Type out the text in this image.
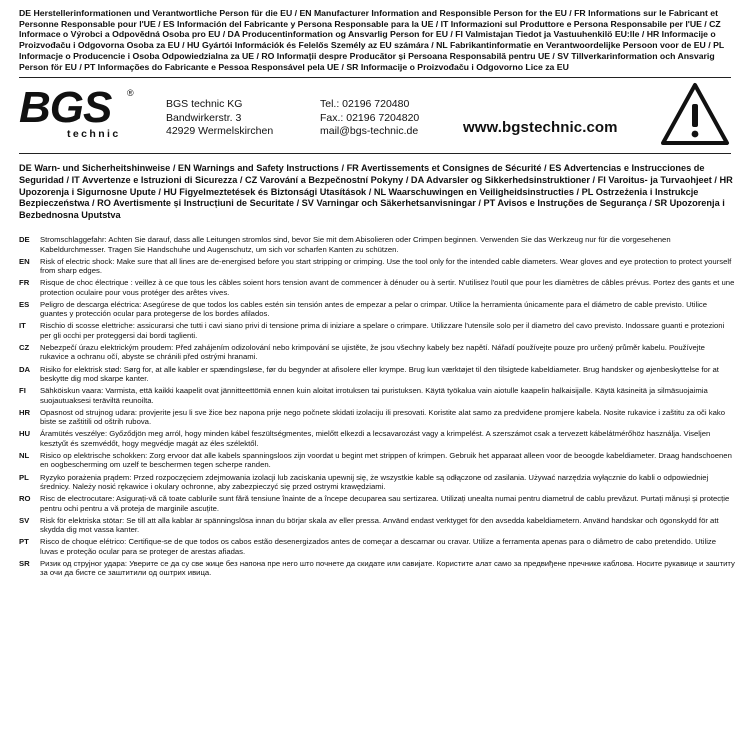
DE Herstellerinformationen und Verantwortliche Person für die EU / EN Manufacturer Information and Responsible Person for the EU / FR Informations sur le Fabricant et Personne Responsable pour l'UE / ES Información del Fabricante y Persona Responsable para la UE / IT Informazioni sul Produttore e Persona Responsabile per l'UE / CZ Informace o Výrobci a Odpovědná Osoba pro EU / DA Producentinformation og Ansvarlig Person for EU / FI Valmistajan Tiedot ja Vastuuhenkilö EU:lle / HR Informacije o Proizvođaču i Odgovorna Osoba za EU / HU Gyártói Információk és Felelős Személy az EU számára / NL Fabrikantinformatie en Verantwoordelijke Persoon voor de EU / PL Informacje o Producencie i Osoba Odpowiedzialna za UE / RO Informații despre Producător și Persoana Responsabilă pentru UE / SV Tillverkarinformation och Ansvarig Person för EU / PT Informações do Fabricante e Pessoa Responsável pela UE / SR Informacije o Proizvođaču i Odgovorno Lice za EU
BGS ®
technic
BGS technic KG
Bandwirkerstr. 3
42929 Wermelskirchen
Tel.: 02196 720480
Fax.: 02196 7204820
mail@bgs-technic.de	www.bgstechnic.com
DE Warn- und Sicherheitshinweise / EN Warnings and Safety Instructions / FR Avertissements et Consignes de Sécurité / ES Advertencias e Instrucciones de Seguridad / IT Avvertenze e Istruzioni di Sicurezza / CZ Varování a Bezpečnostní Pokyny / DA Advarsler og Sikkerhedsinstruktioner / FI Varoitus- ja Turvaohjeet / HR Upozorenja i Sigurnosne Upute / HU Figyelmeztetések és Biztonsági Utasítások / NL Waarschuwingen en Veiligheidsinstructies / PL Ostrzeżenia i Instrukcje Bezpieczeństwa / RO Avertismente și Instrucțiuni de Securitate / SV Varningar och Säkerhetsanvisningar / PT Avisos e Instruções de Segurança / SR Upozorenja i Bezbednosna Uputstva
DE	Stromschlaggefahr: Achten Sie darauf, dass alle Leitungen stromlos sind, bevor Sie mit dem Abisolieren oder Crimpen beginnen. Verwenden Sie das Werkzeug nur für die vorgesehenen Kabeldurchmesser. Tragen Sie Handschuhe und Augenschutz, um sich vor scharfen Kanten zu schützen.
EN	Risk of electric shock: Make sure that all lines are de-energised before you start stripping or crimping. Use the tool only for the intended cable diameters. Wear gloves and eye protection to protect yourself from sharp edges.
FR	Risque de choc électrique : veillez à ce que tous les câbles soient hors tension avant de commencer à dénuder ou à sertir. N'utilisez l'outil que pour les diamètres de câbles prévus. Portez des gants et une protection oculaire pour vous protéger des arêtes vives.
ES	Peligro de descarga eléctrica: Asegúrese de que todos los cables estén sin tensión antes de empezar a pelar o crimpar. Utilice la herramienta únicamente para el diámetro de cable previsto. Utilice guantes y protección ocular para protegerse de los bordes afilados.
IT	Rischio di scosse elettriche: assicurarsi che tutti i cavi siano privi di tensione prima di iniziare a spelare o crimpare. Utilizzare l'utensile solo per il diametro del cavo previsto. Indossare guanti e protezioni per gli occhi per proteggersi dai bordi taglienti.
CZ	Nebezpečí úrazu elektrickým proudem: Před zahájením odizolování nebo krimpování se ujistěte, že jsou všechny kabely bez napětí. Nářadí používejte pouze pro určený průměr kabelu. Používejte rukavice a ochranu očí, abyste se chránili před ostrými hranami.
DA	Risiko for elektrisk stød: Sørg for, at alle kabler er spændingsløse, før du begynder at afisolere eller krympe. Brug kun værktøjet til den tilsigtede kabeldiameter. Brug handsker og øjenbeskyttelse for at beskytte dig mod skarpe kanter.
FI	Sähköiskun vaara: Varmista, että kaikki kaapelit ovat jännitteettömiä ennen kuin aloitat irrotuksen tai puristuksen. Käytä työkalua vain aiotulle kaapelin halkaisijalle. Käytä käsineitä ja silmäsuojaimia suojautuaksesi teräviltä reunoilta.
HR	Opasnost od strujnog udara: provjerite jesu li sve žice bez napona prije nego počnete skidati izolaciju ili presovati. Koristite alat samo za predviđene promjere kabela. Nosite rukavice i zaštitu za oči kako biste se zaštitili od oštrih rubova.
HU	Áramütés veszélye: Győződjön meg arról, hogy minden kábel feszültségmentes, mielőtt elkezdi a lecsavarozást vagy a krimpelést. A szerszámot csak a tervezett kábelátmérőhöz használja. Viseljen kesztyűt és szemvédőt, hogy megvédje magát az éles szélektől.
NL	Risico op elektrische schokken: Zorg ervoor dat alle kabels spanningsloos zijn voordat u begint met strippen of krimpen. Gebruik het apparaat alleen voor de beoogde kabeldiameter. Draag handschoenen en oogbescherming om uzelf te beschermen tegen scherpe randen.
PL	Ryzyko porażenia prądem: Przed rozpoczęciem zdejmowania izolacji lub zaciskania upewnij się, że wszystkie kable są odłączone od zasilania. Używać narzędzia wyłącznie do kabli o odpowiedniej średnicy. Należy nosić rękawice i okulary ochronne, aby zabezpieczyć się przed ostrymi krawędziami.
RO	Risc de electrocutare: Asigurați-vă că toate cablurile sunt fără tensiune înainte de a începe decuparea sau sertizarea. Utilizați unealta numai pentru diametrul de cablu prevăzut. Purtați mănuși și protecție pentru ochi pentru a vă proteja de marginile ascuțite.
SV	Risk för elektriska stötar: Se till att alla kablar är spänningslösa innan du börjar skala av eller pressa. Använd endast verktyget för den avsedda kabeldiametern. Använd handskar och ögonskydd för att skydda dig mot vassa kanter.
PT	Risco de choque elétrico: Certifique-se de que todos os cabos estão desenergizados antes de começar a descarnar ou cravar. Utilize a ferramenta apenas para o diâmetro de cabo pretendido. Utilize luvas e proteção ocular para se proteger de arestas afiadas.
SR	Ризик од струјног удара: Уверите се да су све жице без напона пре него што почнете да скидате или савијате. Користите алат само за предвиђене пречнике каблова. Носите рукавице и заштиту за очи да бисте се заштитили од оштрих ивица.
